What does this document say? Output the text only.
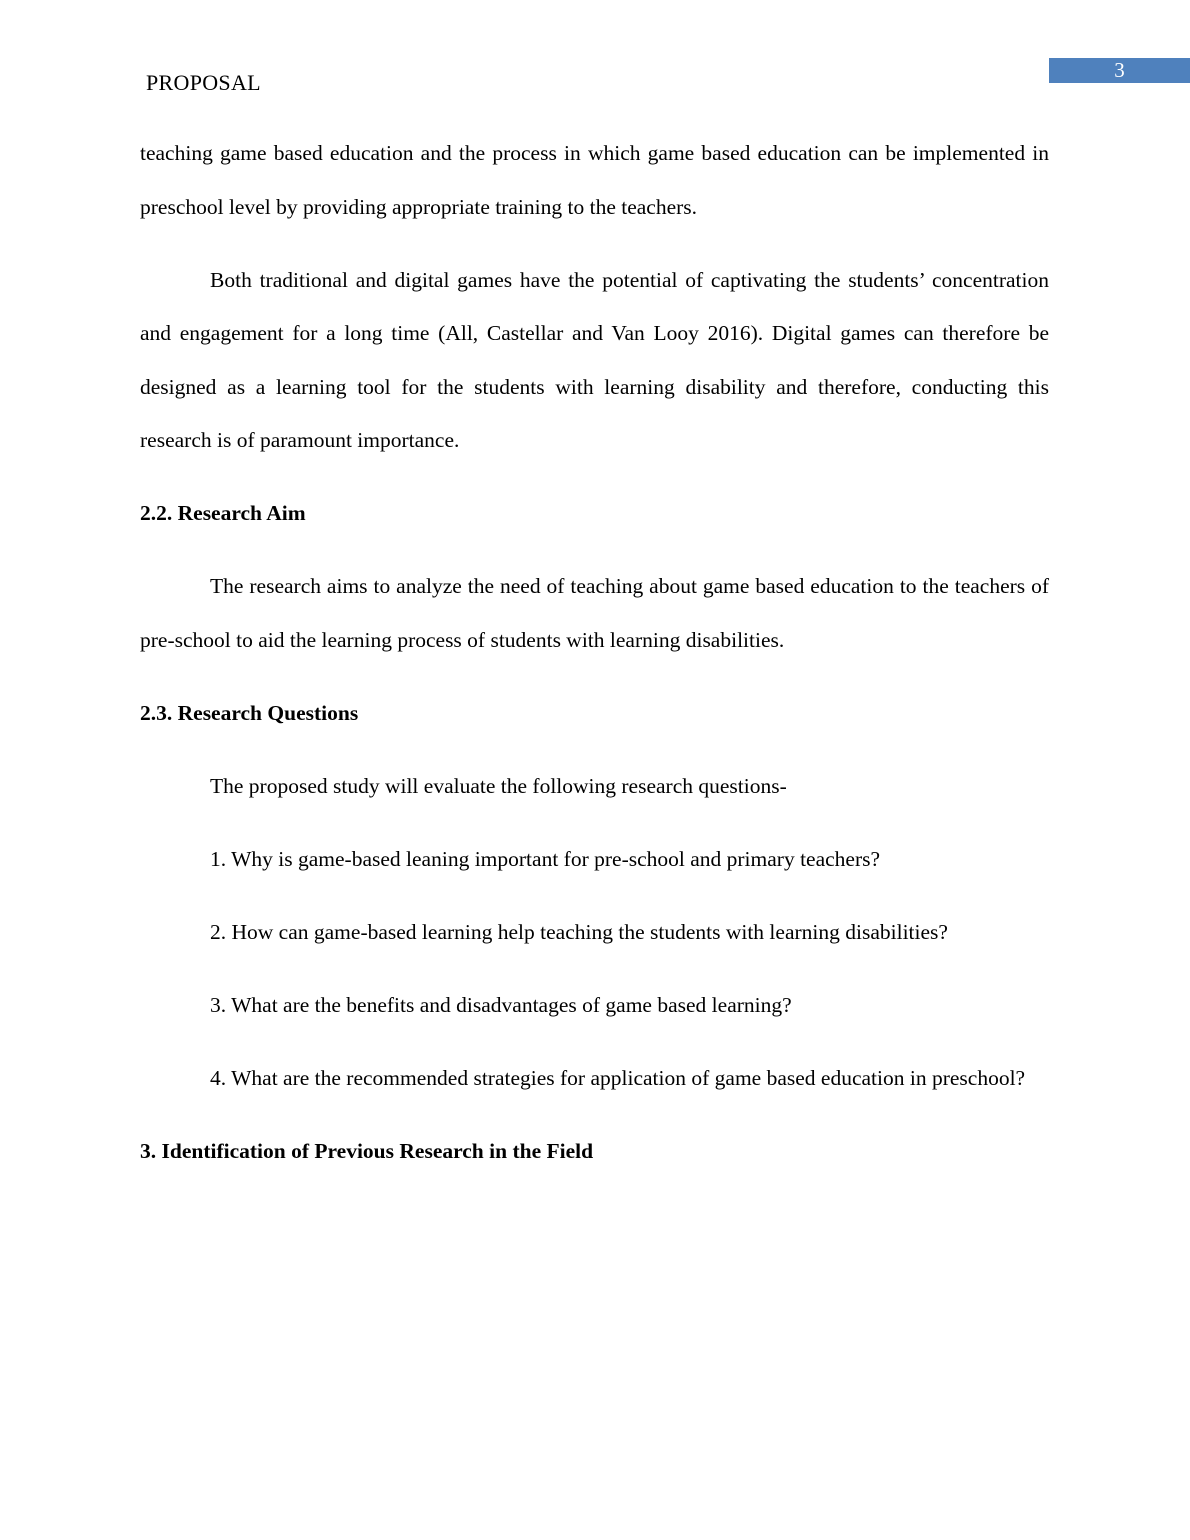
PROPOSAL	3

teaching game based education and the process in which game based education can be implemented in preschool level by providing appropriate training to the teachers.

Both traditional and digital games have the potential of captivating the students’ concentration and engagement for a long time (All, Castellar and Van Looy 2016). Digital games can therefore be designed as a learning tool for the students with learning disability and therefore, conducting this research is of paramount importance.

2.2. Research Aim

The research aims to analyze the need of teaching about game based education to the teachers of pre-school to aid the learning process of students with learning disabilities.

2.3. Research Questions

The proposed study will evaluate the following research questions-

1. Why is game-based leaning important for pre-school and primary teachers?

2. How can game-based learning help teaching the students with learning disabilities?

3. What are the benefits and disadvantages of game based learning?

4. What are the recommended strategies for application of game based education in preschool?

3. Identification of Previous Research in the Field
